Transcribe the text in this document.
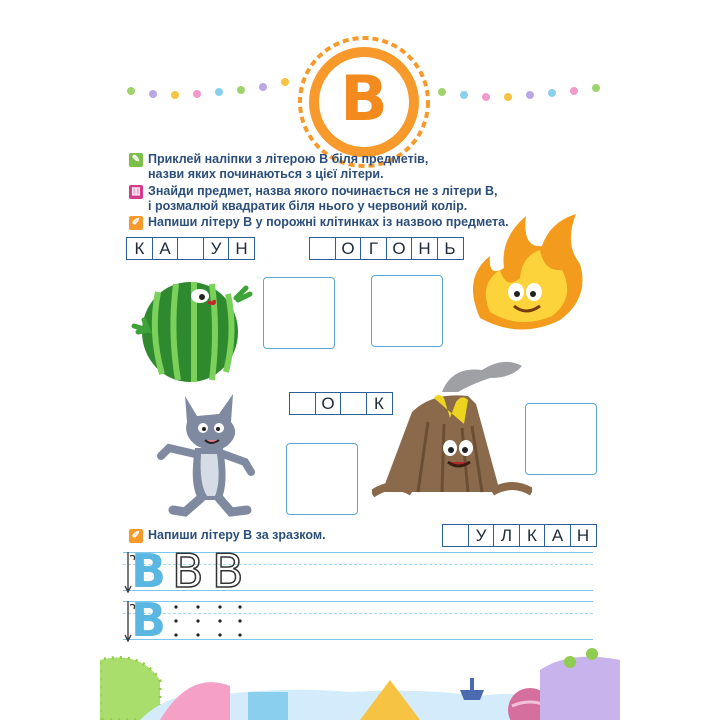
В
✎ Приклей наліпки з літерою В біля предметів,

назви яких починаються з цієї літери.

▥ Знайди предмет, назва якого починається не з літери В,

і розмалюй квадратик біля нього у червоний колір.

✐ Напиши літеру В у порожні клітинках із назвою предмета.

К А	У Н	О Г О Н Ь
О	К
У Л К А Н
✐ Напиши літеру В за зразком.

В В В
В
